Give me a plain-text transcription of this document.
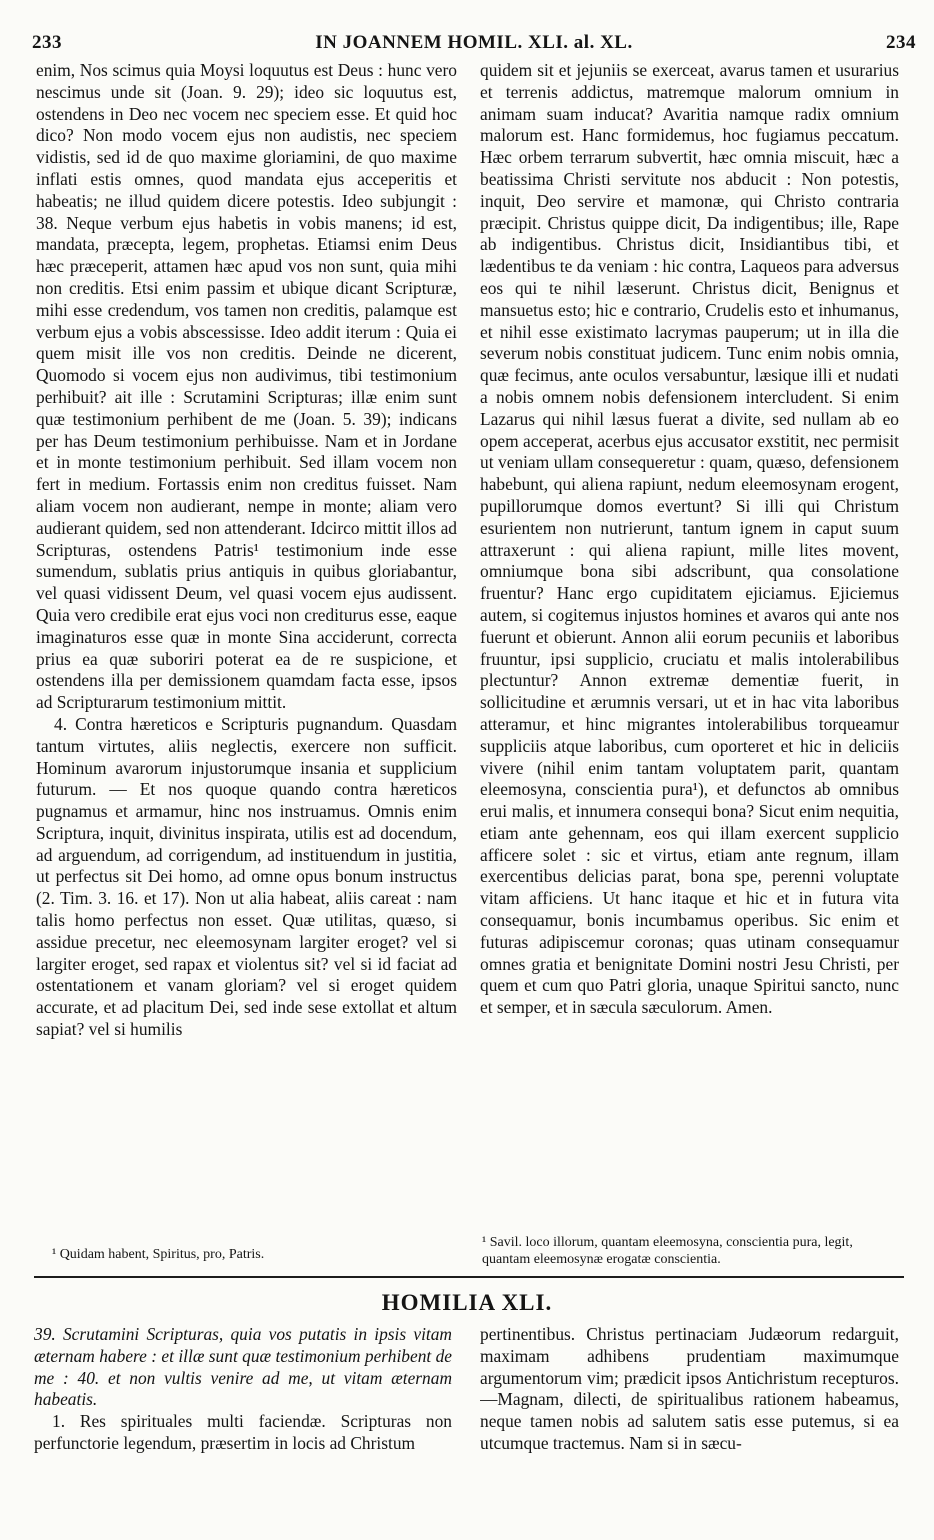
233	IN JOANNEM HOMIL. XLI. al. XL.	234

enim, Nos scimus quia Moysi loquutus est Deus : hunc vero nescimus unde sit (Joan. 9. 29); ideo sic loquutus est, ostendens in Deo nec vocem nec speciem esse. Et quid hoc dico? Non modo vocem ejus non audistis, nec speciem vidistis, sed id de quo maxime gloriamini, de quo maxime inflati estis omnes, quod mandata ejus acceperitis et habeatis; ne illud quidem dicere potestis. Ideo subjungit : 38. Neque verbum ejus habetis in vobis manens; id est, mandata, præcepta, legem, prophetas. Etiamsi enim Deus hæc præceperit, attamen hæc apud vos non sunt, quia mihi non creditis. Etsi enim passim et ubique dicant Scripturæ, mihi esse credendum, vos tamen non creditis, palamque est verbum ejus a vobis abscessisse. Ideo addit iterum : Quia ei quem misit ille vos non creditis. Deinde ne dicerent, Quomodo si vocem ejus non audivimus, tibi testimonium perhibuit? ait ille : Scrutamini Scripturas; illæ enim sunt quæ testimonium perhibent de me (Joan. 5. 39); indicans per has Deum testimonium perhibuisse. Nam et in Jordane et in monte testimonium perhibuit. Sed illam vocem non fert in medium. Fortassis enim non creditus fuisset. Nam aliam vocem non audierant, nempe in monte; aliam vero audierant quidem, sed non attenderant. Idcirco mittit illos ad Scripturas, ostendens Patris¹ testimonium inde esse sumendum, sublatis prius antiquis in quibus gloriabantur, vel quasi vidissent Deum, vel quasi vocem ejus audissent. Quia vero credibile erat ejus voci non crediturus esse, eaque imaginaturos esse quæ in monte Sina acciderunt, correcta prius ea quæ suboriri poterat ea de re suspicione, et ostendens illa per demissionem quamdam facta esse, ipsos ad Scripturarum testimonium mittit.

4. Contra hæreticos e Scripturis pugnandum. Quasdam tantum virtutes, aliis neglectis, exercere non sufficit. Hominum avarorum injustorumque insania et supplicium futurum. — Et nos quoque quando contra hæreticos pugnamus et armamur, hinc nos instruamus. Omnis enim Scriptura, inquit, divinitus inspirata, utilis est ad docendum, ad arguendum, ad corrigendum, ad instituendum in justitia, ut perfectus sit Dei homo, ad omne opus bonum instructus (2. Tim. 3. 16. et 17). Non ut alia habeat, aliis careat : nam talis homo perfectus non esset. Quæ utilitas, quæso, si assidue precetur, nec eleemosynam largiter eroget? vel si largiter eroget, sed rapax et violentus sit? vel si id faciat ad ostentationem et vanam gloriam? vel si eroget quidem accurate, et ad placitum Dei, sed inde sese extollat et altum sapiat? vel si humilis

quidem sit et jejuniis se exerceat, avarus tamen et usurarius et terrenis addictus, matremque malorum omnium in animam suam inducat? Avaritia namque radix omnium malorum est. Hanc formidemus, hoc fugiamus peccatum. Hæc orbem terrarum subvertit, hæc omnia miscuit, hæc a beatissima Christi servitute nos abducit : Non potestis, inquit, Deo servire et mamonæ, qui Christo contraria præcipit. Christus quippe dicit, Da indigentibus; ille, Rape ab indigentibus. Christus dicit, Insidiantibus tibi, et lædentibus te da veniam : hic contra, Laqueos para adversus eos qui te nihil læserunt. Christus dicit, Benignus et mansuetus esto; hic e contrario, Crudelis esto et inhumanus, et nihil esse existimato lacrymas pauperum; ut in illa die severum nobis constituat judicem. Tunc enim nobis omnia, quæ fecimus, ante oculos versabuntur, læsique illi et nudati a nobis omnem nobis defensionem intercludent. Si enim Lazarus qui nihil læsus fuerat a divite, sed nullam ab eo opem acceperat, acerbus ejus accusator exstitit, nec permisit ut veniam ullam consequeretur : quam, quæso, defensionem habebunt, qui aliena rapiunt, nedum eleemosynam erogent, pupillorumque domos evertunt? Si illi qui Christum esurientem non nutrierunt, tantum ignem in caput suum attraxerunt : qui aliena rapiunt, mille lites movent, omniumque bona sibi adscribunt, qua consolatione fruentur? Hanc ergo cupiditatem ejiciamus. Ejiciemus autem, si cogitemus injustos homines et avaros qui ante nos fuerunt et obierunt. Annon alii eorum pecuniis et laboribus fruuntur, ipsi supplicio, cruciatu et malis intolerabilibus plectuntur? Annon extremæ dementiæ fuerit, in sollicitudine et ærumnis versari, ut et in hac vita laboribus atteramur, et hinc migrantes intolerabilibus torqueamur suppliciis atque laboribus, cum oporteret et hic in deliciis vivere (nihil enim tantam voluptatem parit, quantam eleemosyna, conscientia pura¹), et defunctos ab omnibus erui malis, et innumera consequi bona? Sicut enim nequitia, etiam ante gehennam, eos qui illam exercent supplicio afficere solet : sic et virtus, etiam ante regnum, illam exercentibus delicias parat, bona spe, perenni voluptate vitam afficiens. Ut hanc itaque et hic et in futura vita consequamur, bonis incumbamus operibus. Sic enim et futuras adipiscemur coronas; quas utinam consequamur omnes gratia et benignitate Domini nostri Jesu Christi, per quem et cum quo Patri gloria, unaque Spiritui sancto, nunc et semper, et in sæcula sæculorum. Amen.

¹ Quidam habent, Spiritus, pro, Patris.
¹ Savil. loco illorum, quantam eleemosyna, conscientia pura, legit, quantam eleemosynæ erogatæ conscientia.
HOMILIA XLI.

39. Scrutamini Scripturas, quia vos putatis in ipsis vitam æternam habere : et illæ sunt quæ testimonium perhibent de me : 40. et non vultis venire ad me, ut vitam æternam habeatis.

1. Res spirituales multi faciendæ. Scripturas non perfunctorie legendum, præsertim in locis ad Christum

pertinentibus. Christus pertinaciam Judæorum redarguit, maximam adhibens prudentiam maximumque argumentorum vim; prædicit ipsos Antichristum recepturos.—Magnam, dilecti, de spiritualibus rationem habeamus, neque tamen nobis ad salutem satis esse putemus, si ea utcumque tractemus. Nam si in sæcu-
